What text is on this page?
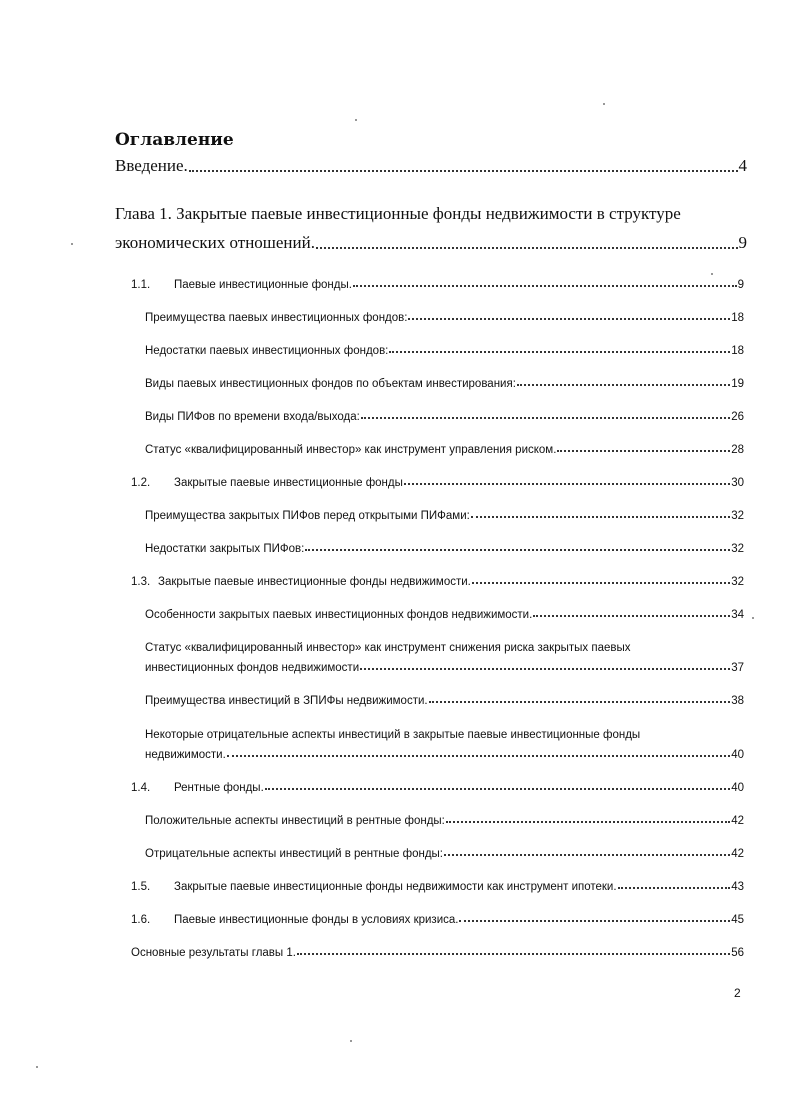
Оглавление
Введение.	4
Глава 1. Закрытые паевые инвестиционные фонды недвижимости в структуре
экономических отношений.	9
1.1.	Паевые инвестиционные фонды.	9
Преимущества паевых инвестиционных фондов:	18
Недостатки паевых инвестиционных фондов:	18
Виды паевых инвестиционных фондов по объектам инвестирования:	19
Виды ПИФов по времени входа/выхода:	26
Статус «квалифицированный инвестор» как инструмент управления риском.	28
1.2.	Закрытые паевые инвестиционные фонды	30
Преимущества закрытых ПИФов перед открытыми ПИФами:	32
Недостатки закрытых ПИФов:	32
1.3. Закрытые паевые инвестиционные фонды недвижимости.	32
Особенности закрытых паевых инвестиционных фондов недвижимости.	34
Статус «квалифицированный инвестор» как инструмент снижения риска закрытых паевых
инвестиционных фондов недвижимости	37
Преимущества инвестиций в ЗПИФы недвижимости.	38
Некоторые отрицательные аспекты инвестиций в закрытые паевые инвестиционные фонды
недвижимости.	40
1.4.	Рентные фонды.	40
Положительные аспекты инвестиций в рентные фонды:	42
Отрицательные аспекты инвестиций в рентные фонды:	42
1.5.	Закрытые паевые инвестиционные фонды недвижимости как инструмент ипотеки.	43
1.6.	Паевые инвестиционные фонды в условиях кризиса.	45
Основные результаты главы 1.	56
2
